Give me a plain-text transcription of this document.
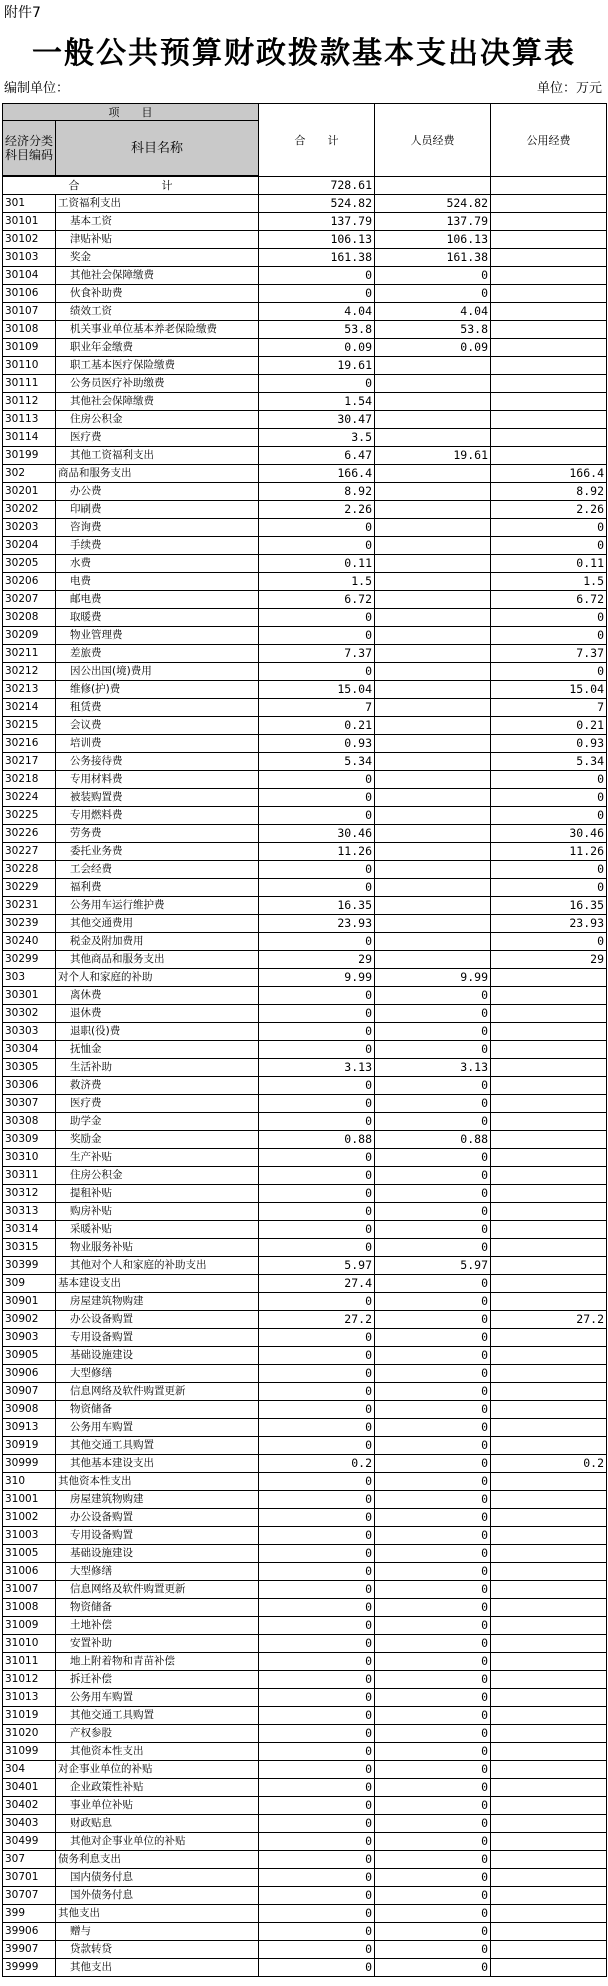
附件7
一般公共预算财政拨款基本支出决算表
编制单位：	单位：万元
项　　目		合　　计	人员经费	公用经费
经济分类科目编码	科目名称			

合　　计		728.61		
301	工资福利支出	524.82	524.82	
30101	基本工资	137.79	137.79	
30102	津贴补贴	106.13	106.13	
30103	奖金	161.38	161.38	
30104	其他社会保障缴费	0	0	
30106	伙食补助费	0	0	
30107	绩效工资	4.04	4.04	
30108	机关事业单位基本养老保险缴费	53.8	53.8	
30109	职业年金缴费	0.09	0.09	
30110	职工基本医疗保险缴费	19.61		
30111	公务员医疗补助缴费	0		
30112	其他社会保障缴费	1.54		
30113	住房公积金	30.47		
30114	医疗费	3.5		
30199	其他工资福利支出	6.47	19.61	
302	商品和服务支出	166.4		166.4
30201	办公费	8.92		8.92
30202	印刷费	2.26		2.26
30203	咨询费	0		0
30204	手续费	0		0
30205	水费	0.11		0.11
30206	电费	1.5		1.5
30207	邮电费	6.72		6.72
30208	取暖费	0		0
30209	物业管理费	0		0
30211	差旅费	7.37		7.37
30212	因公出国(境)费用	0		0
30213	维修(护)费	15.04		15.04
30214	租赁费	7		7
30215	会议费	0.21		0.21
30216	培训费	0.93		0.93
30217	公务接待费	5.34		5.34
30218	专用材料费	0		0
30224	被装购置费	0		0
30225	专用燃料费	0		0
30226	劳务费	30.46		30.46
30227	委托业务费	11.26		11.26
30228	工会经费	0		0
30229	福利费	0		0
30231	公务用车运行维护费	16.35		16.35
30239	其他交通费用	23.93		23.93
30240	税金及附加费用	0		0
30299	其他商品和服务支出	29		29
303	对个人和家庭的补助	9.99	9.99	
30301	离休费	0	0	
30302	退休费	0	0	
30303	退职(役)费	0	0	
30304	抚恤金	0	0	
30305	生活补助	3.13	3.13	
30306	救济费	0	0	
30307	医疗费	0	0	
30308	助学金	0	0	
30309	奖励金	0.88	0.88	
30310	生产补贴	0	0	
30311	住房公积金	0	0	
30312	提租补贴	0	0	
30313	购房补贴	0	0	
30314	采暖补贴	0	0	
30315	物业服务补贴	0	0	
30399	其他对个人和家庭的补助支出	5.97	5.97	
309	基本建设支出	27.4	0	
30901	房屋建筑物购建	0	0	
30902	办公设备购置	27.2	0	27.2
30903	专用设备购置	0	0	
30905	基础设施建设	0	0	
30906	大型修缮	0	0	
30907	信息网络及软件购置更新	0	0	
30908	物资储备	0	0	
30913	公务用车购置	0	0	
30919	其他交通工具购置	0	0	
30999	其他基本建设支出	0.2	0	0.2
310	其他资本性支出	0	0	
31001	房屋建筑物购建	0	0	
31002	办公设备购置	0	0	
31003	专用设备购置	0	0	
31005	基础设施建设	0	0	
31006	大型修缮	0	0	
31007	信息网络及软件购置更新	0	0	
31008	物资储备	0	0	
31009	土地补偿	0	0	
31010	安置补助	0	0	
31011	地上附着物和青苗补偿	0	0	
31012	拆迁补偿	0	0	
31013	公务用车购置	0	0	
31019	其他交通工具购置	0	0	
31020	产权参股	0	0	
31099	其他资本性支出	0	0	
304	对企事业单位的补贴	0	0	
30401	企业政策性补贴	0	0	
30402	事业单位补贴	0	0	
30403	财政贴息	0	0	
30499	其他对企事业单位的补贴	0	0	
307	债务利息支出	0	0	
30701	国内债务付息	0	0	
30707	国外债务付息	0	0	
399	其他支出	0	0	
39906	赠与	0	0	
39907	贷款转贷	0	0	
39999	其他支出	0	0	
